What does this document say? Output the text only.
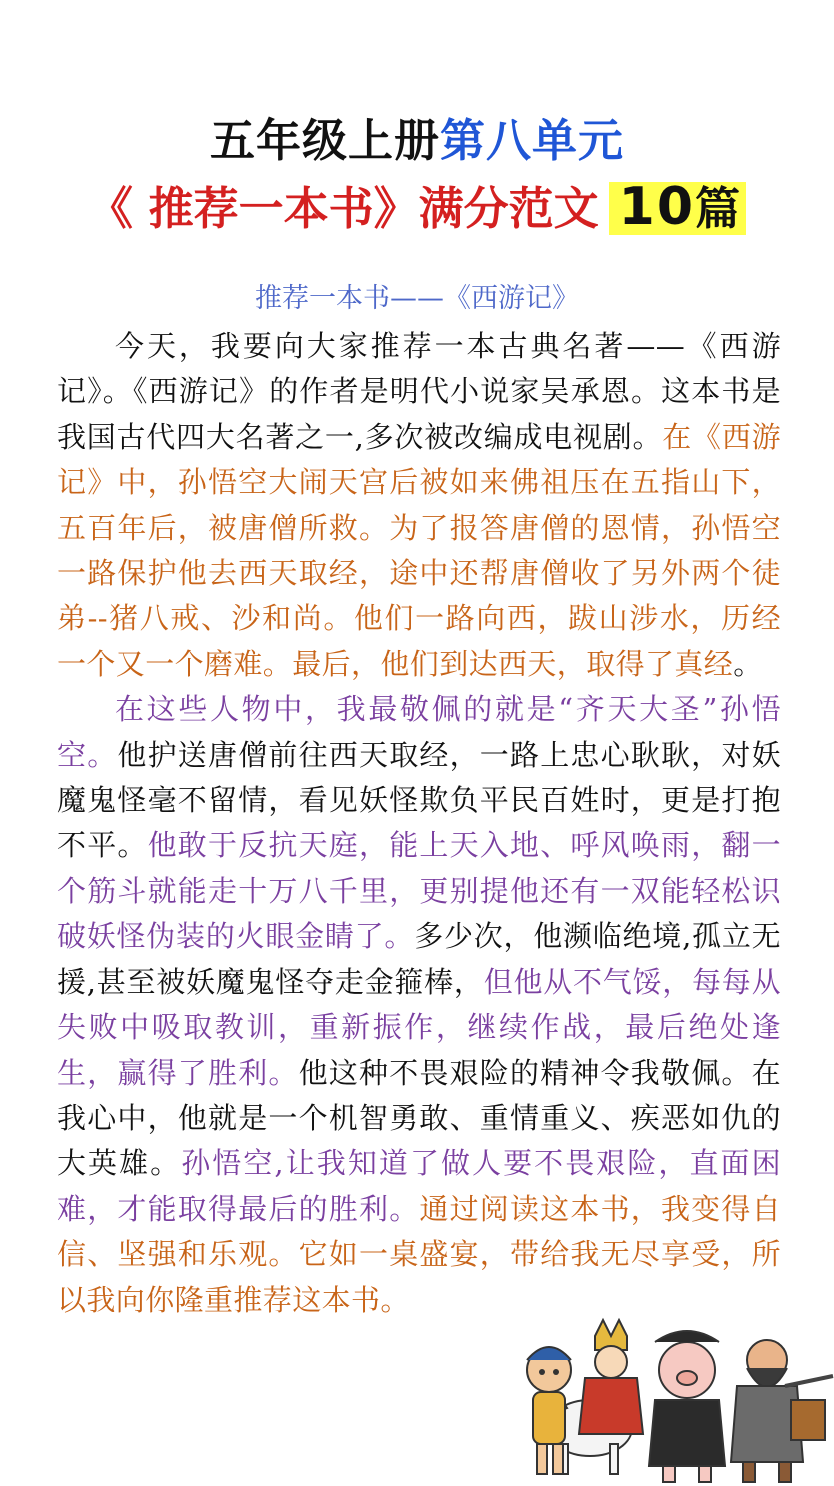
五年级上册第八单元
《 推荐一本书》满分范文 10篇
推荐一本书——《西游记》

今天，我要向大家推荐一本古典名著——《西游记》。《西游记》的作者是明代小说家吴承恩。这本书是我国古代四大名著之一,多次被改编成电视剧。在《西游记》中，孙悟空大闹天宫后被如来佛祖压在五指山下，五百年后，被唐僧所救。为了报答唐僧的恩情，孙悟空一路保护他去西天取经，途中还帮唐僧收了另外两个徒弟--猪八戒、沙和尚。他们一路向西，跋山涉水，历经一个又一个磨难。最后，他们到达西天，取得了真经。

在这些人物中，我最敬佩的就是“齐天大圣”孙悟空。他护送唐僧前往西天取经，一路上忠心耿耿，对妖魔鬼怪毫不留情，看见妖怪欺负平民百姓时，更是打抱不平。他敢于反抗天庭，能上天入地、呼风唤雨，翻一个筋斗就能走十万八千里，更别提他还有一双能轻松识破妖怪伪装的火眼金睛了。多少次，他濒临绝境,孤立无援,甚至被妖魔鬼怪夺走金箍棒，但他从不气馁，每每从失败中吸取教训，重新振作，继续作战，最后绝处逢生，赢得了胜利。他这种不畏艰险的精神令我敬佩。在我心中，他就是一个机智勇敢、重情重义、疾恶如仇的大英雄。孙悟空,让我知道了做人要不畏艰险，直面困难，才能取得最后的胜利。通过阅读这本书，我变得自信、坚强和乐观。它如一桌盛宴，带给我无尽享受，所以我向你隆重推荐这本书。
